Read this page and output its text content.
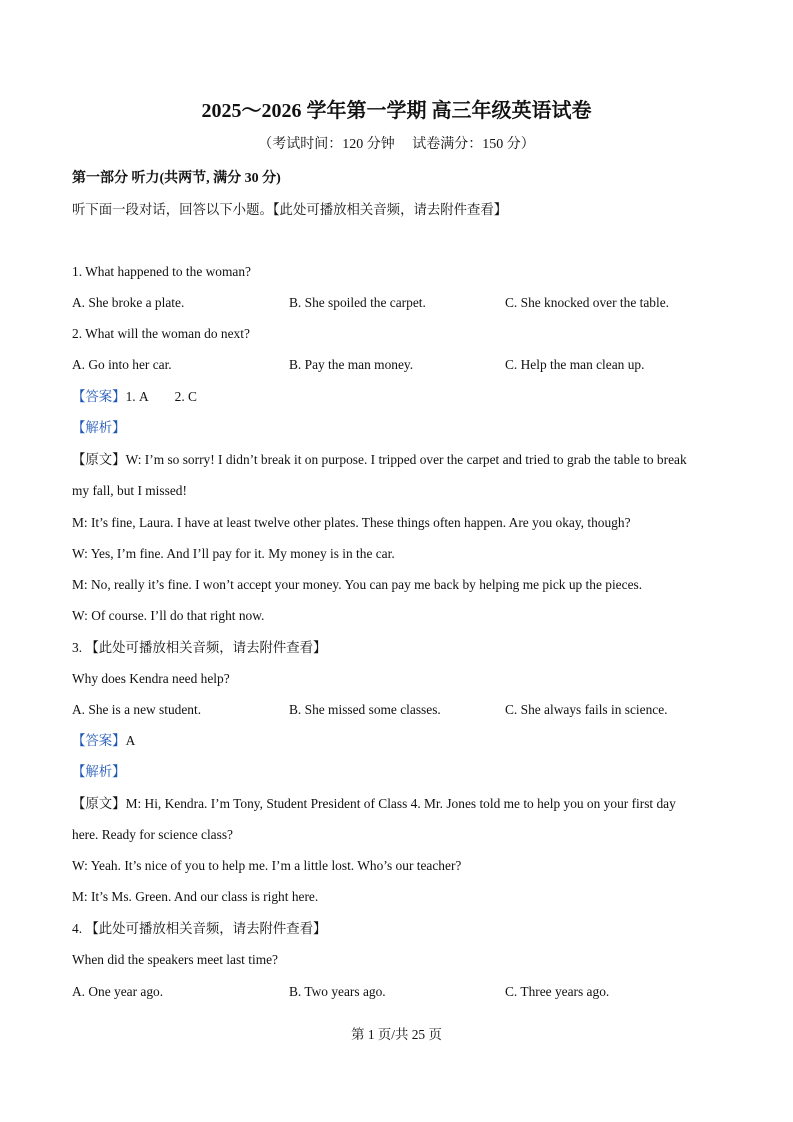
2025～2026 学年第一学期 高三年级英语试卷
（考试时间：120 分钟　 试卷满分：150 分）
第一部分 听力(共两节, 满分 30 分)
听下面一段对话，回答以下小题。【此处可播放相关音频，请去附件查看】
1. What happened to the woman?
A. She broke a plate.	B. She spoiled the carpet.	C. She knocked over the table.
2. What will the woman do next?
A. Go into her car.	B. Pay the man money.	C. Help the man clean up.
【答案】1. A　　2. C
【解析】
【原文】W: I’m so sorry! I didn’t break it on purpose. I tripped over the carpet and tried to grab the table to break
my fall, but I missed!
M: It’s fine, Laura. I have at least twelve other plates. These things often happen. Are you okay, though?
W: Yes, I’m fine. And I’ll pay for it. My money is in the car.
M: No, really it’s fine. I won’t accept your money. You can pay me back by helping me pick up the pieces.
W: Of course. I’ll do that right now.
3. 【此处可播放相关音频，请去附件查看】
Why does Kendra need help?
A. She is a new student.	B. She missed some classes.	C. She always fails in science.
【答案】A
【解析】
【原文】M: Hi, Kendra. I’m Tony, Student President of Class 4. Mr. Jones told me to help you on your first day
here. Ready for science class?
W: Yeah. It’s nice of you to help me. I’m a little lost. Who’s our teacher?
M: It’s Ms. Green. And our class is right here.
4. 【此处可播放相关音频，请去附件查看】
When did the speakers meet last time?
A. One year ago.	B. Two years ago.	C. Three years ago.
第 1 页/共 25 页
